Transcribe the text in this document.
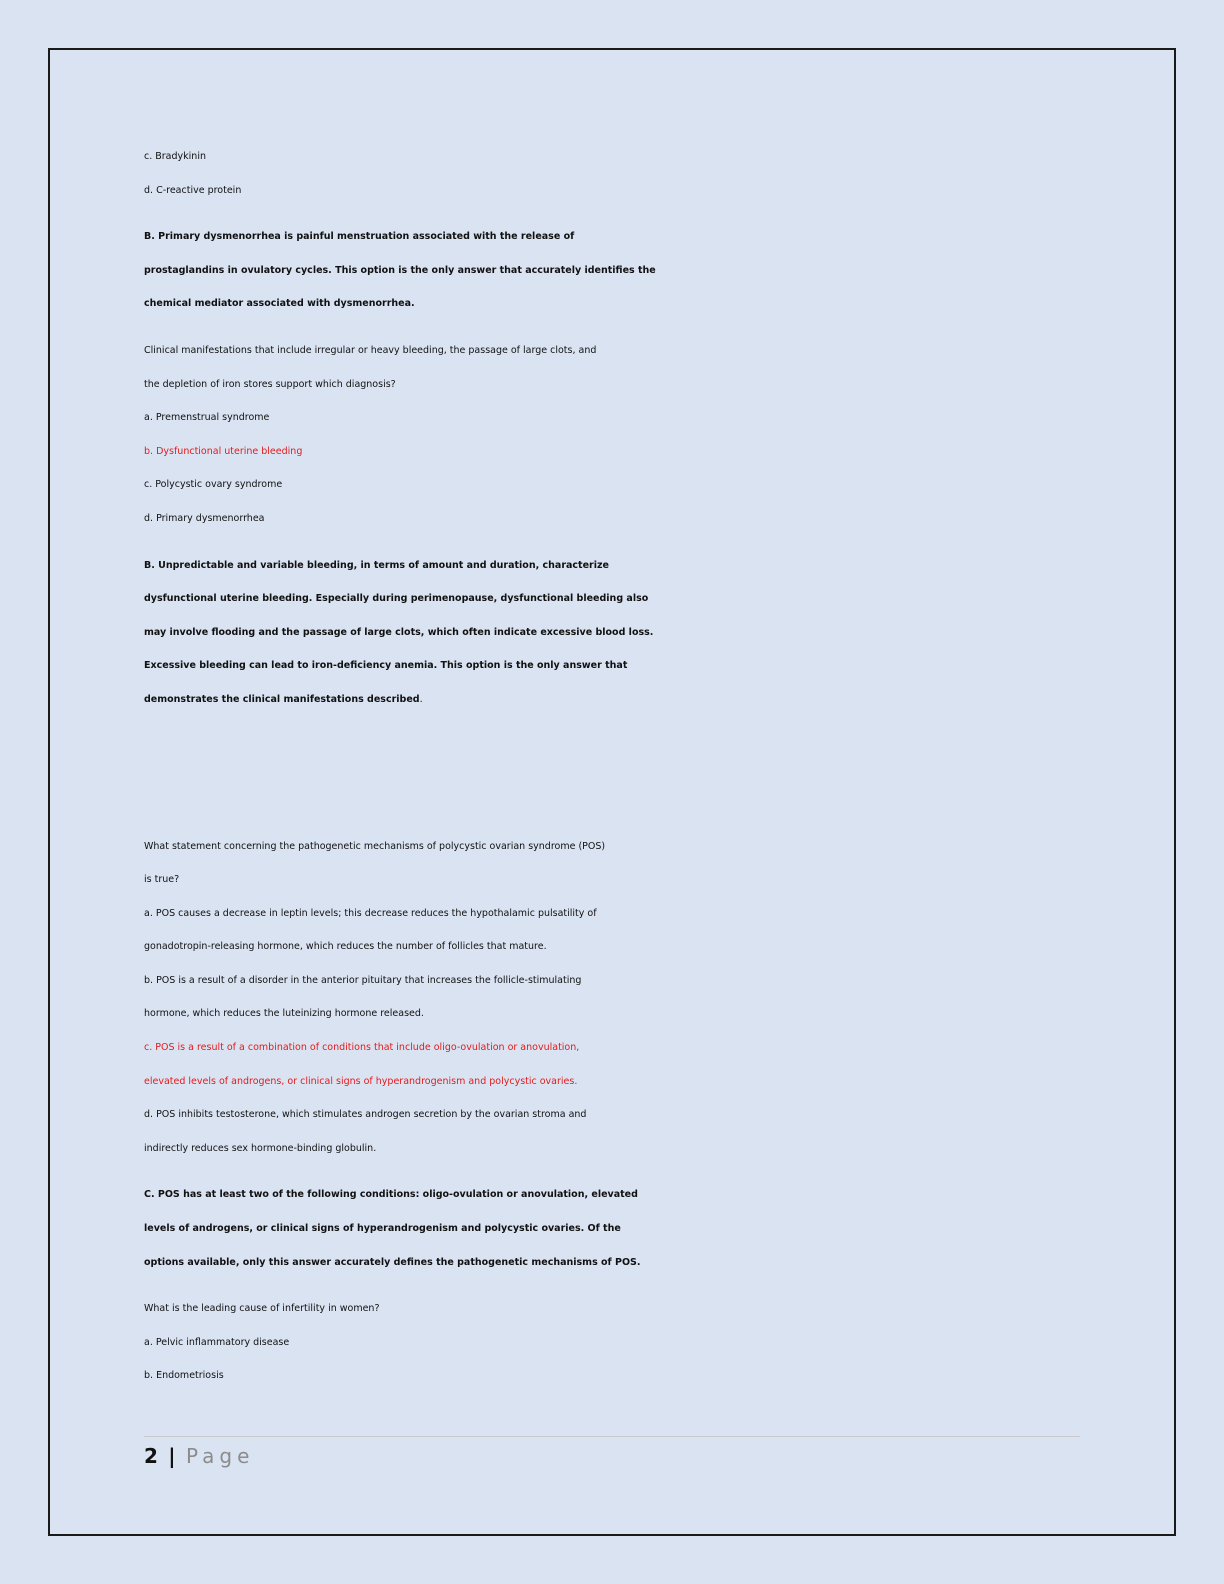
c. Bradykinin
d. C-reactive protein
B. Primary dysmenorrhea is painful menstruation associated with the release of
prostaglandins in ovulatory cycles. This option is the only answer that accurately identifies the
chemical mediator associated with dysmenorrhea.
Clinical manifestations that include irregular or heavy bleeding, the passage of large clots, and
the depletion of iron stores support which diagnosis?
a. Premenstrual syndrome
b. Dysfunctional uterine bleeding
c. Polycystic ovary syndrome
d. Primary dysmenorrhea
B. Unpredictable and variable bleeding, in terms of amount and duration, characterize
dysfunctional uterine bleeding. Especially during perimenopause, dysfunctional bleeding also
may involve flooding and the passage of large clots, which often indicate excessive blood loss.
Excessive bleeding can lead to iron-deficiency anemia. This option is the only answer that
demonstrates the clinical manifestations described.
What statement concerning the pathogenetic mechanisms of polycystic ovarian syndrome (POS)
is true?
a. POS causes a decrease in leptin levels; this decrease reduces the hypothalamic pulsatility of
gonadotropin-releasing hormone, which reduces the number of follicles that mature.
b. POS is a result of a disorder in the anterior pituitary that increases the follicle-stimulating
hormone, which reduces the luteinizing hormone released.
c. POS is a result of a combination of conditions that include oligo-ovulation or anovulation,
elevated levels of androgens, or clinical signs of hyperandrogenism and polycystic ovaries.
d. POS inhibits testosterone, which stimulates androgen secretion by the ovarian stroma and
indirectly reduces sex hormone-binding globulin.
C. POS has at least two of the following conditions: oligo-ovulation or anovulation, elevated
levels of androgens, or clinical signs of hyperandrogenism and polycystic ovaries. Of the
options available, only this answer accurately defines the pathogenetic mechanisms of POS.
What is the leading cause of infertility in women?
a. Pelvic inflammatory disease
b. Endometriosis
2 | Page
